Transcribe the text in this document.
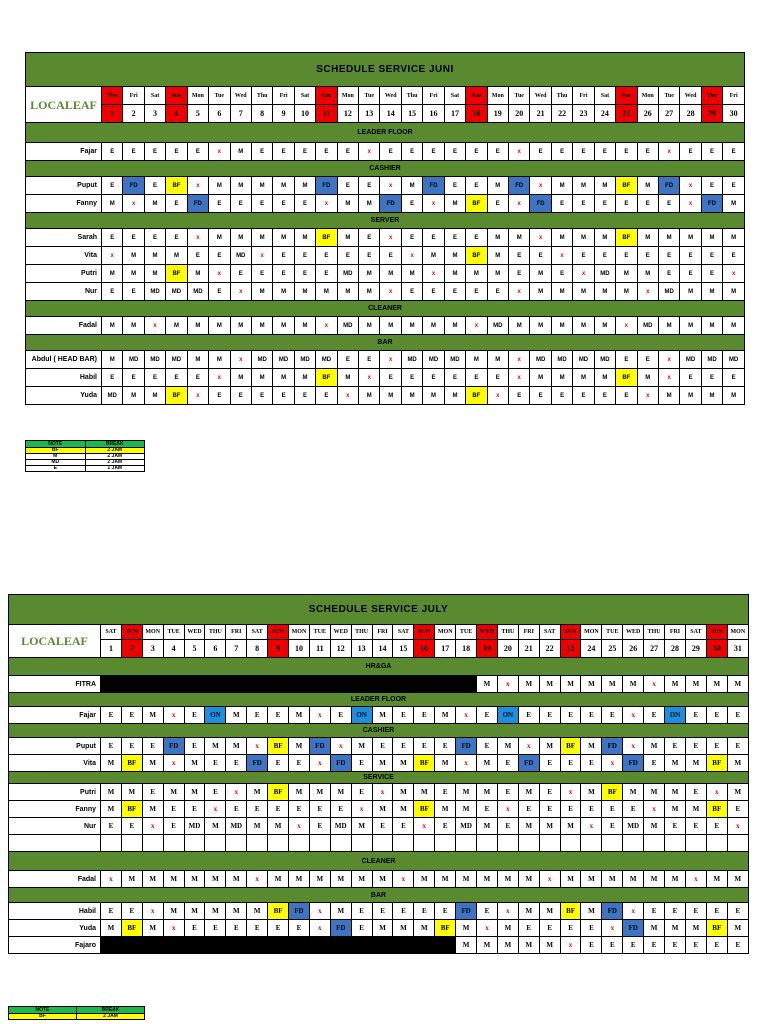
SCHEDULE SERVICE JUNI																														
LOCALEAF	Thu	Fri	Sat	Sun	Mon	Tue	Wed	Thu	Fri	Sat	Sun	Mon	Tue	Wed	Thu	Fri	Sat	Sun	Mon	Tue	Wed	Thu	Fri	Sat	Sun	Mon	Tue	Wed	Thu	Fri
	1	2	3	4	5	6	7	8	9	10	11	12	13	14	15	16	17	18	19	20	21	22	23	24	25	26	27	28	29	30
LEADER FLOOR																														
Fajar	E	E	E	E	E	x	M	E	E	E	E	E	x	E	E	E	E	E	E	x	E	E	E	E	E	E	x	E	E	E
CASHIER																														
Puput	E	FD	E	BF	x	M	M	M	M	M	FD	E	E	x	M	FD	E	E	M	FD	x	M	M	M	BF	M	FD	x	E	E
Fanny	M	x	M	E	FD	E	E	E	E	E	x	M	M	FD	E	x	M	BF	E	x	FD	E	E	E	E	E	E	x	FD	M
SERVER																														
Sarah	E	E	E	E	x	M	M	M	M	M	BF	M	E	x	E	E	E	E	M	M	x	M	M	M	BF	M	M	M	M	M
Vita	x	M	M	M	E	E	MD	x	E	E	E	E	E	E	x	M	M	BF	M	E	E	x	E	E	E	E	E	E	E	E
Putri	M	M	M	BF	M	x	E	E	E	E	E	MD	M	M	M	x	M	M	M	E	M	E	x	MD	M	M	E	E	E	x
Nur	E	E	MD	MD	MD	E	x	M	M	M	M	M	M	x	E	E	E	E	E	x	M	M	M	M	M	x	MD	M	M	M
CLEANER																														
Fadal	M	M	x	M	M	M	M	M	M	M	x	MD	M	M	M	M	M	x	MD	M	M	M	M	M	x	MD	M	M	M	M
BAR																														
Abdul ( HEAD BAR)	M	MD	MD	MD	M	M	x	MD	MD	MD	MD	E	E	x	MD	MD	MD	M	M	x	MD	MD	MD	MD	E	E	x	MD	MD	MD
Habil	E	E	E	E	E	x	M	M	M	M	BF	M	x	E	E	E	E	E	E	x	M	M	M	M	BF	M	x	E	E	E
Yuda	MD	M	M	BF	x	E	E	E	E	E	E	x	M	M	M	M	M	BF	x	E	E	E	E	E	E	x	M	M	M	M
NOTE	BREAK
BF	2 JAM
M	2 JAM
MD	2 JAM
E	1 JAM
SCHEDULE SERVICE JULY																															
LOCALEAF	SAT	SUN	MON	TUE	WED	THU	FRI	SAT	SUN	MON	TUE	WED	THU	FRI	SAT	SUN	MON	TUE	WED	THU	FRI	SAT	SUN	MON	TUE	WED	THU	FRI	SAT	SUN	MON
	1	2	3	4	5	6	7	8	9	10	11	12	13	14	15	16	17	18	19	20	21	22	23	24	25	26	27	28	29	30	31
HR&GA																															
FITRA																			M	x	M	M	M	M	M	M	x	M	M	M	M
LEADER FLOOR																															
Fajar	E	E	M	x	E	ON	M	E	E	M	x	E	ON	M	E	E	M	x	E	ON	E	E	E	E	E	x	E	ON	E	E	E
CASHIER																															
Puput	E	E	E	FD	E	M	M	x	BF	M	FD	x	M	E	E	E	E	FD	E	M	x	M	BF	M	FD	x	M	E	E	E	E
Vita	M	BF	M	x	M	E	E	FD	E	E	x	FD	E	M	M	BF	M	x	M	E	FD	E	E	E	x	FD	E	M	M	BF	M
SERVICE																															
Putri	M	M	E	M	M	E	x	M	BF	M	M	M	E	x	M	M	E	M	M	E	M	E	x	M	BF	M	M	M	E	x	M
Fanny	M	BF	M	E	E	x	E	E	E	E	E	E	x	M	M	BF	M	M	E	x	E	E	E	E	E	E	x	M	M	BF	E
Nur	E	E	x	E	MD	M	MD	M	M	x	E	MD	M	E	E	x	E	MD	M	E	M	M	M	x	E	MD	M	E	E	E	x

CLEANER																															
Fadal	x	M	M	M	M	M	M	x	M	M	M	M	M	M	x	M	M	M	M	M	M	x	M	M	M	M	M	M	x	M	M
BAR																															
Habil	E	E	x	M	M	M	M	M	BF	FD	x	M	E	E	E	E	E	FD	E	x	M	M	BF	M	FD	x	E	E	E	E	E
Yuda	M	BF	M	x	E	E	E	E	E	E	x	FD	E	M	M	M	BF	M	x	M	E	E	E	E	x	FD	M	M	M	BF	M
Fajaro																		M	M	M	M	M	x	E	E	E	E	E	E	E	E
NOTE	BREAK
BF	2 JAM
